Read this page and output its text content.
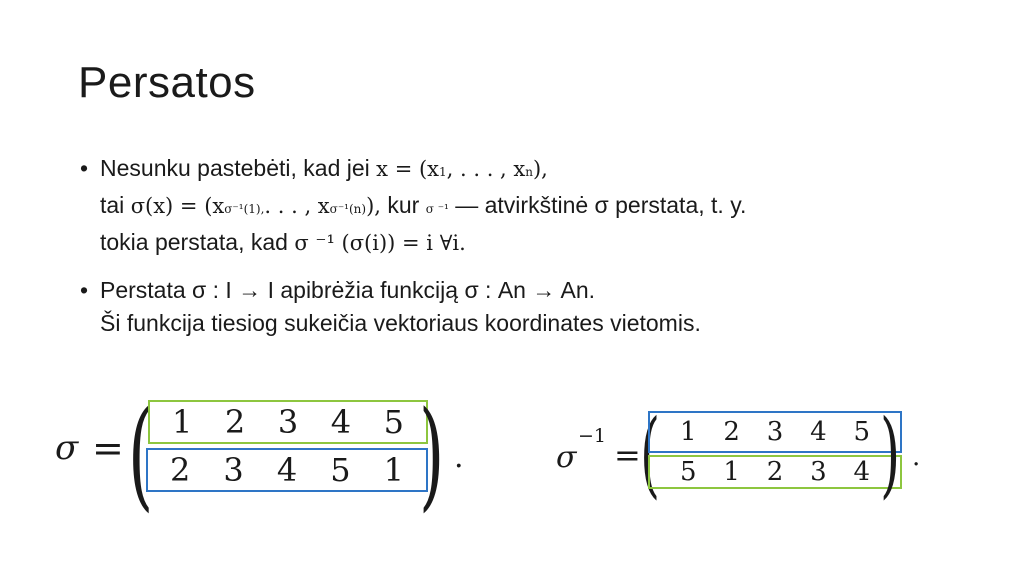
Persatos
• Nesunku pastebėti, kad jei x = (x1, . . . , xn),
tai σ(x) = (xσ⁻¹(1),. . . , xσ⁻¹(n)), kur σ ⁻¹ — atvirkštinė σ perstata, t. y.
tokia perstata, kad σ ⁻¹ (σ(i)) = i ∀i.
• Perstata σ : I → I apibrėžia funkciją σ : An → An.
Ši funkcija tiesiog sukeičia vektoriaus koordinates vietomis.
σ = ( 1 2 3 4 5
2 3 4 5 1 ) .	σ
−1 = ( 1 2 3 4 5
5 1 2 3 4 ) .
